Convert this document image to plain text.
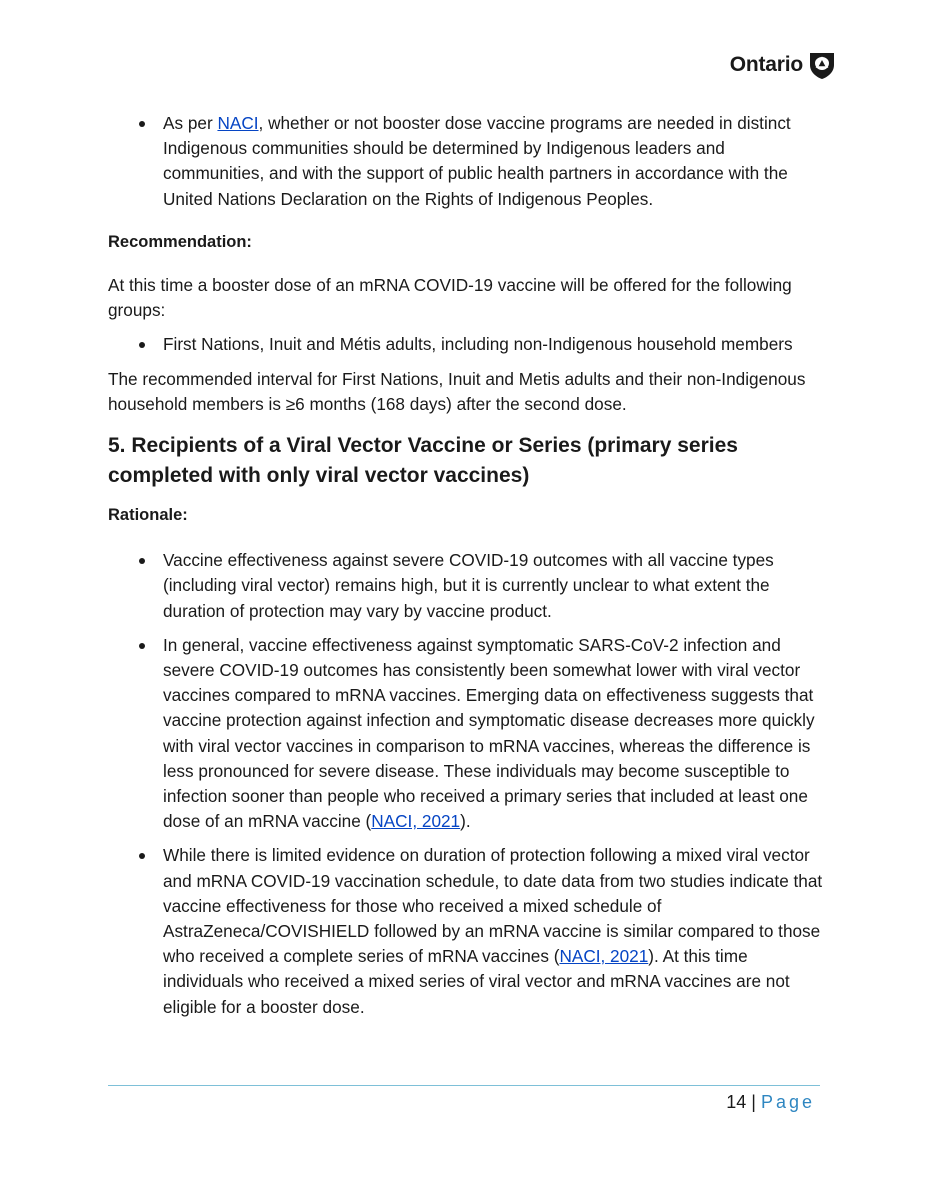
Ontario
As per NACI, whether or not booster dose vaccine programs are needed in distinct Indigenous communities should be determined by Indigenous leaders and communities, and with the support of public health partners in accordance with the United Nations Declaration on the Rights of Indigenous Peoples.

Recommendation:

At this time a booster dose of an mRNA COVID-19 vaccine will be offered for the following groups:

First Nations, Inuit and Métis adults, including non-Indigenous household members

The recommended interval for First Nations, Inuit and Metis adults and their non-Indigenous household members is ≥6 months (168 days) after the second dose.

5. Recipients of a Viral Vector Vaccine or Series (primary series completed with only viral vector vaccines)

Rationale:

Vaccine effectiveness against severe COVID-19 outcomes with all vaccine types (including viral vector) remains high, but it is currently unclear to what extent the duration of protection may vary by vaccine product.
In general, vaccine effectiveness against symptomatic SARS-CoV-2 infection and severe COVID-19 outcomes has consistently been somewhat lower with viral vector vaccines compared to mRNA vaccines. Emerging data on effectiveness suggests that vaccine protection against infection and symptomatic disease decreases more quickly with viral vector vaccines in comparison to mRNA vaccines, whereas the difference is less pronounced for severe disease. These individuals may become susceptible to infection sooner than people who received a primary series that included at least one dose of an mRNA vaccine (NACI, 2021).
While there is limited evidence on duration of protection following a mixed viral vector and mRNA COVID-19 vaccination schedule, to date data from two studies indicate that vaccine effectiveness for those who received a mixed schedule of AstraZeneca/COVISHIELD followed by an mRNA vaccine is similar compared to those who received a complete series of mRNA vaccines (NACI, 2021). At this time individuals who received a mixed series of viral vector and mRNA vaccines are not eligible for a booster dose.
14 | Page
